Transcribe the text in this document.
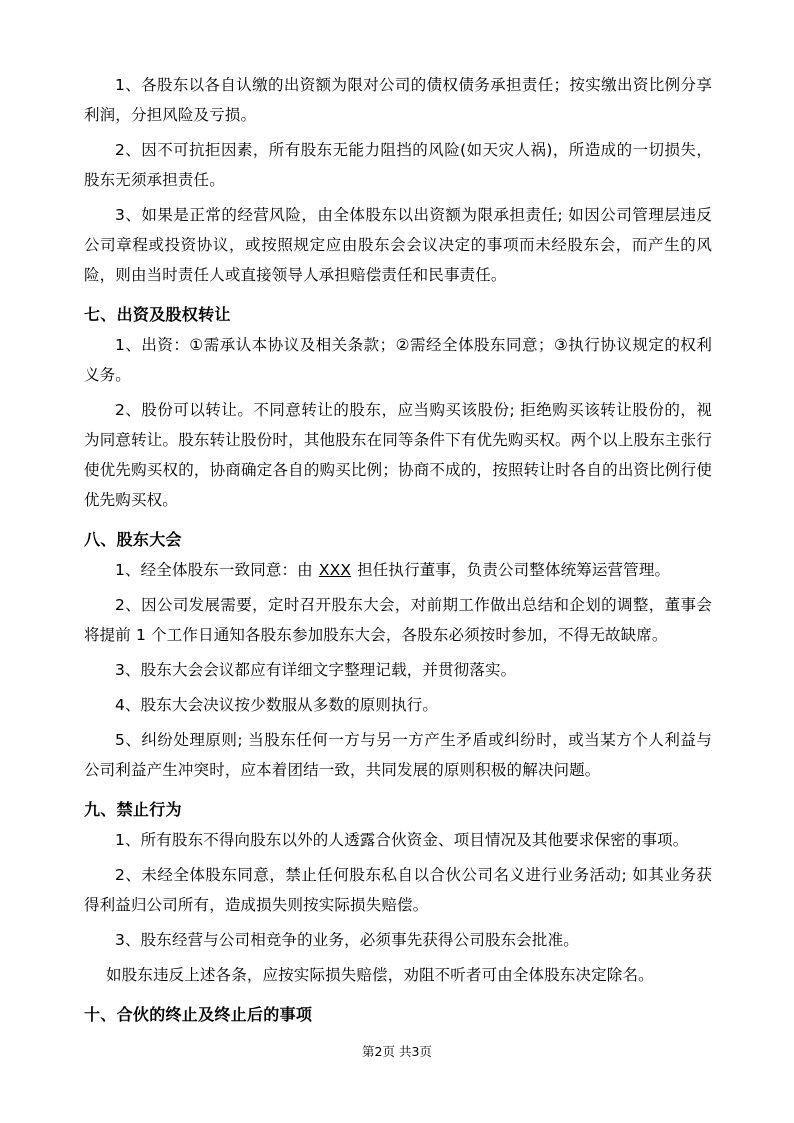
1、各股东以各自认缴的出资额为限对公司的债权债务承担责任；按实缴出资比例分享利润，分担风险及亏损。

2、因不可抗拒因素，所有股东无能力阻挡的风险(如天灾人祸)，所造成的一切损失，股东无须承担责任。

3、如果是正常的经营风险，由全体股东以出资额为限承担责任; 如因公司管理层违反公司章程或投资协议，或按照规定应由股东会会议决定的事项而未经股东会，而产生的风险，则由当时责任人或直接领导人承担赔偿责任和民事责任。

七、出资及股权转让

1、出资：①需承认本协议及相关条款；②需经全体股东同意；③执行协议规定的权利义务。

2、股份可以转让。不同意转让的股东，应当购买该股份; 拒绝购买该转让股份的，视为同意转让。股东转让股份时，其他股东在同等条件下有优先购买权。两个以上股东主张行使优先购买权的，协商确定各自的购买比例；协商不成的，按照转让时各自的出资比例行使优先购买权。

八、股东大会

1、经全体股东一致同意：由 XXX 担任执行董事，负责公司整体统筹运营管理。

2、因公司发展需要，定时召开股东大会，对前期工作做出总结和企划的调整，董事会将提前 1 个工作日通知各股东参加股东大会，各股东必须按时参加，不得无故缺席。

3、股东大会会议都应有详细文字整理记载，并贯彻落实。

4、股东大会决议按少数服从多数的原则执行。

5、纠纷处理原则; 当股东任何一方与另一方产生矛盾或纠纷时，或当某方个人利益与公司利益产生冲突时，应本着团结一致，共同发展的原则积极的解决问题。

九、禁止行为

1、所有股东不得向股东以外的人透露合伙资金、项目情况及其他要求保密的事项。

2、未经全体股东同意，禁止任何股东私自以合伙公司名义进行业务活动; 如其业务获得利益归公司所有，造成损失则按实际损失赔偿。

3、股东经营与公司相竞争的业务，必须事先获得公司股东会批准。

如股东违反上述各条，应按实际损失赔偿，劝阻不听者可由全体股东决定除名。

十、合伙的终止及终止后的事项
第2页 共3页
